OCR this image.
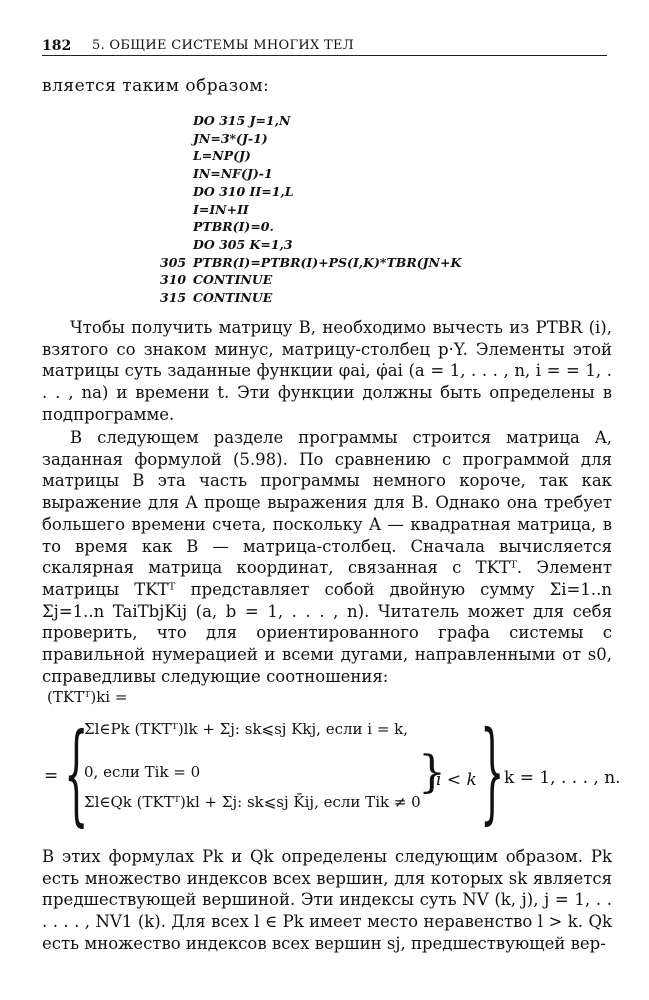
182 5. ОБЩИЕ СИСТЕМЫ МНОГИХ ТЕЛ
вляется таким образом:
DO 315 J=1,N
JN=3*(J-1)
L=NP(J)
IN=NF(J)-1
DO 310 II=1,L
I=IN+II
PTBR(I)=0.
DO 305 K=1,3
305 PTBR(I)=PTBR(I)+PS(I,K)*TBR(JN+K
310 CONTINUE
315 CONTINUE

Чтобы получить матрицу B, необходимо вычесть из PTBR (i), взятого со знаком минус, матрицу-столбец p·Y. Элементы этой матрицы суть заданные функции φai, φ̇ai (a = 1, . . . , n, i = = 1, . . . , na) и времени t. Эти функции должны быть определены в подпрограмме.

В следующем разделе программы строится матрица A, заданная формулой (5.98). По сравнению с программой для матрицы B эта часть программы немного короче, так как выражение для A проще выражения для B. Однако она требует большего времени счета, поскольку A — квадратная матрица, в то время как B — матрица-столбец. Сначала вычисляется скалярная матрица координат, связанная с TKTᵀ. Элемент матрицы TKTᵀ представляет собой двойную сумму Σi=1..n Σj=1..n TaiTbjKij (a, b = 1, . . . , n). Читатель может для себя проверить, что для ориентированного графа системы с правильной нумерацией и всеми дугами, направленными от s0, справедливы следующие соотношения:

(TKTᵀ)ki =
= {
Σl∈Pk (TKTᵀ)lk + Σj: sk⩽sj Kkj, если i = k,
0, если Tik = 0
Σl∈Qk (TKTᵀ)kl + Σj: sk⩽sj K̄ij, если Tik ≠ 0
}
i < k } k = 1, . . . , n.

В этих формулах Pk и Qk определены следующим образом. Pk есть множество индексов всех вершин, для которых sk является предшествующей вершиной. Эти индексы суть NV (k, j), j = 1, . . . . . . , NV1 (k). Для всех l ∈ Pk имеет место неравенство l > k. Qk есть множество индексов всех вершин sj, предшествующей вер-
